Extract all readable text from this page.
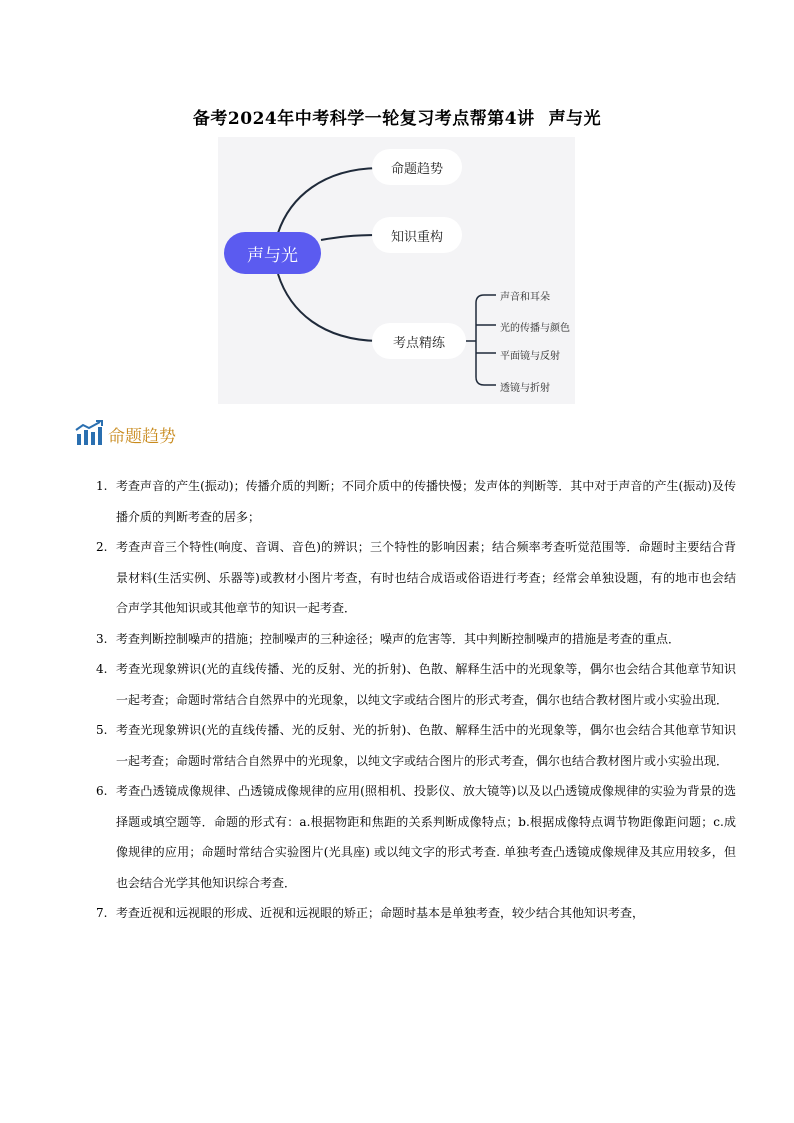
备考2024年中考科学一轮复习考点帮第4讲 声与光
声与光
命题趋势
知识重构
考点精练
声音和耳朵
光的传播与颜色
平面镜与反射
透镜与折射
命题趋势
1. 考查声音的产生(振动)；传播介质的判断；不同介质中的传播快慢；发声体的判断等．其中对于声音的产生(振动)及传播介质的判断考查的居多；
2. 考查声音三个特性(响度、音调、音色)的辨识；三个特性的影响因素；结合频率考查听觉范围等．命题时主要结合背景材料(生活实例、乐器等)或教材小图片考查，有时也结合成语或俗语进行考查；经常会单独设题，有的地市也会结合声学其他知识或其他章节的知识一起考查．
3. 考查判断控制噪声的措施；控制噪声的三种途径；噪声的危害等．其中判断控制噪声的措施是考查的重点．
4. 考查光现象辨识(光的直线传播、光的反射、光的折射)、色散、解释生活中的光现象等，偶尔也会结合其他章节知识一起考查；命题时常结合自然界中的光现象，以纯文字或结合图片的形式考查，偶尔也结合教材图片或小实验出现．
5. 考查光现象辨识(光的直线传播、光的反射、光的折射)、色散、解释生活中的光现象等，偶尔也会结合其他章节知识一起考查；命题时常结合自然界中的光现象，以纯文字或结合图片的形式考查，偶尔也结合教材图片或小实验出现．
6. 考查凸透镜成像规律、凸透镜成像规律的应用(照相机、投影仪、放大镜等)以及以凸透镜成像规律的实验为背景的选择题或填空题等．命题的形式有：a.根据物距和焦距的关系判断成像特点；b.根据成像特点调节物距像距问题；c.成像规律的应用；命题时常结合实验图片(光具座) 或以纯文字的形式考查. 单独考查凸透镜成像规律及其应用较多，但也会结合光学其他知识综合考查．
7. 考查近视和远视眼的形成、近视和远视眼的矫正；命题时基本是单独考查，较少结合其他知识考查，
